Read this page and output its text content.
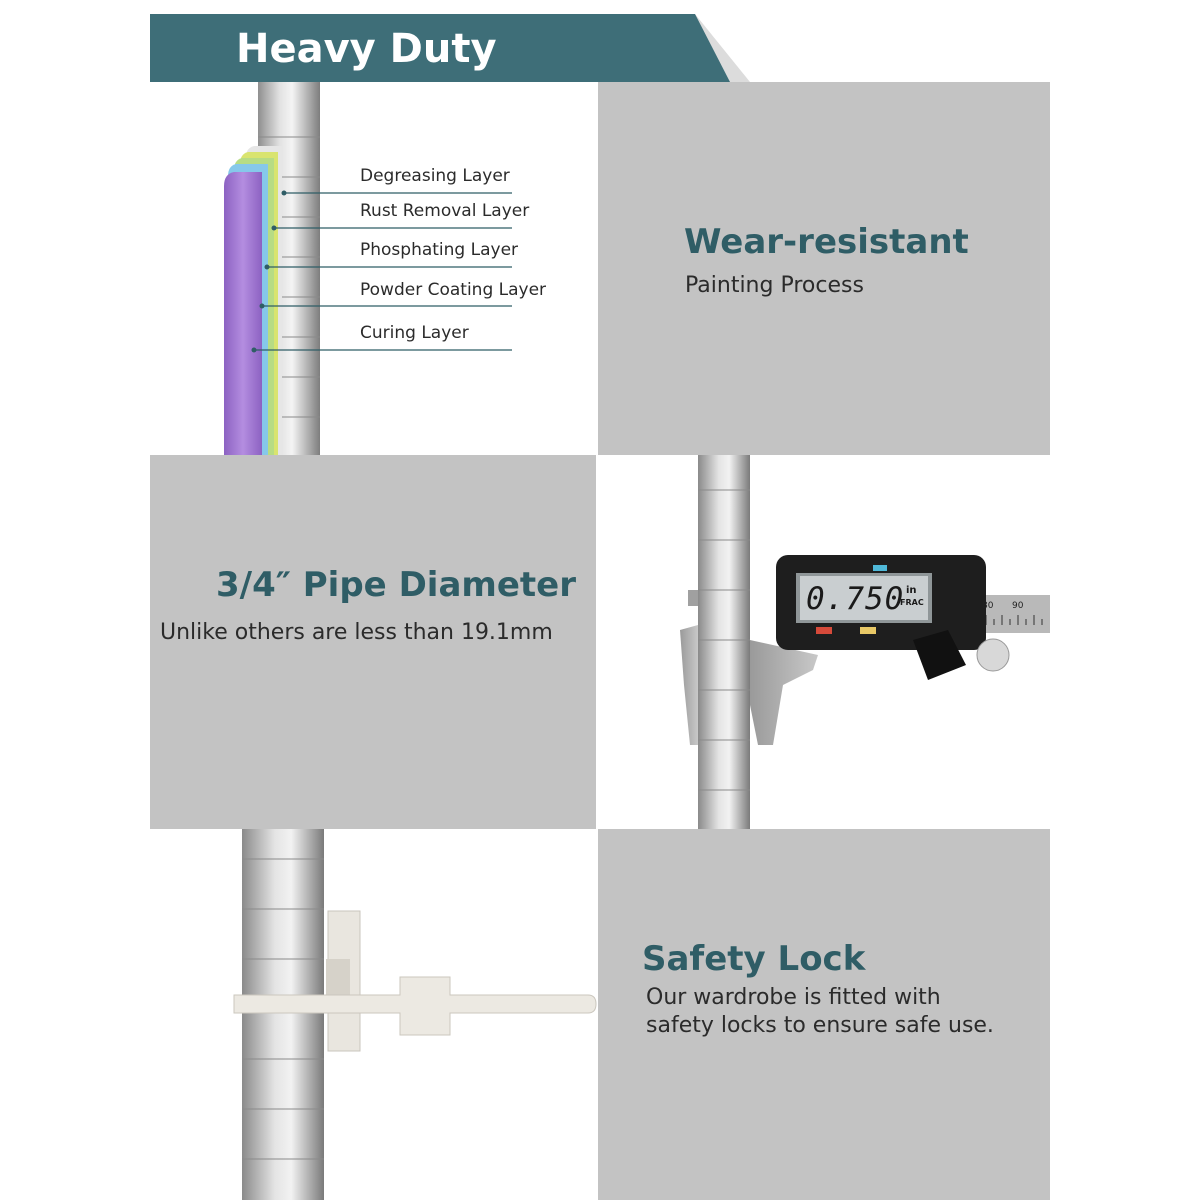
Heavy Duty
Degreasing Layer
Rust Removal Layer
Phosphating Layer
Powder Coating Layer
Curing Layer
Wear-resistant
Painting Process
3/4″ Pipe Diameter
Unlike others are less than 19.1mm
0.750 in
FRAC	80 90
Safety Lock
Our wardrobe is fitted with
safety locks to ensure safe use.
